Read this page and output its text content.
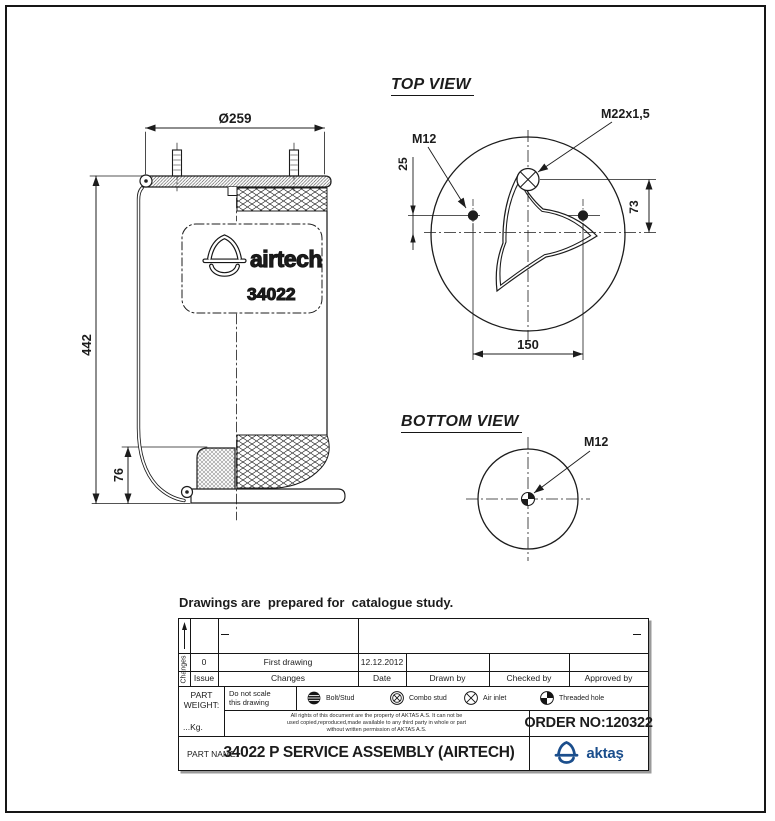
Ø259
442
76
airtech
34022
25
73
150
M12
M22x1,5
M12
TOP VIEW
BOTTOM VIEW
Drawings are  prepared for  catalogue study.
Changes	0	First drawing	12.12.2012
Issue	Changes	Date	Drawn by	Checked by	Approved by
PART
WEIGHT:
...Kg.
Do not scale
this drawing	Bolt/Stud	Combo stud	Air inlet	Threaded hole
All rights of this document are the property of AKTAS A.S. It can not be
used copied,reproduced,made available to any third party in whole or part
without written permission of AKTAS A.S.	ORDER NO:120322
PART NAME:
34022 P SERVICE ASSEMBLY (AIRTECH)	aktaş
